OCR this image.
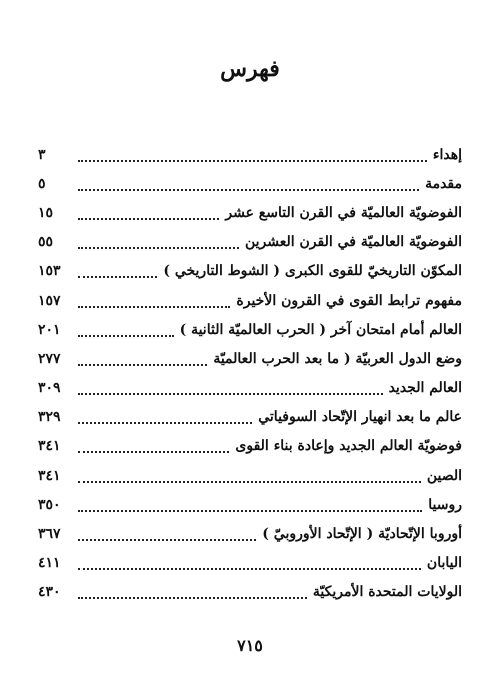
فهرس
إهداء
٣
مقدمة
٥
الفوضويّة العالميّة في القرن التاسع عشر
١٥
الفوضويّة العالميّة في القرن العشرين
٥٥
المكوّن التاريخيّ للقوى الكبرى ( الشوط التاريخي )
١٥٣
مفهوم ترابط القوى في القرون الأخيرة
١٥٧
العالم أمام امتحان آخر ( الحرب العالميّة الثانية )
٢٠١
وضع الدول العربيّة ( ما بعد الحرب العالميّة
٢٧٧
العالم الجديد
٣٠٩
عالم ما بعد انهيار الإتّحاد السوفياتي
٣٢٩
فوضويّة العالم الجديد وإعادة بناء القوى
٣٤١
الصين
٣٤١
روسيا
٣٥٠
أوروبا الإتّحاديّة ( الإتّحاد الأوروبيّ )
٣٦٧
اليابان
٤١١
الولايات المتحدة الأمريكيّة
٤٣٠
٧١٥
